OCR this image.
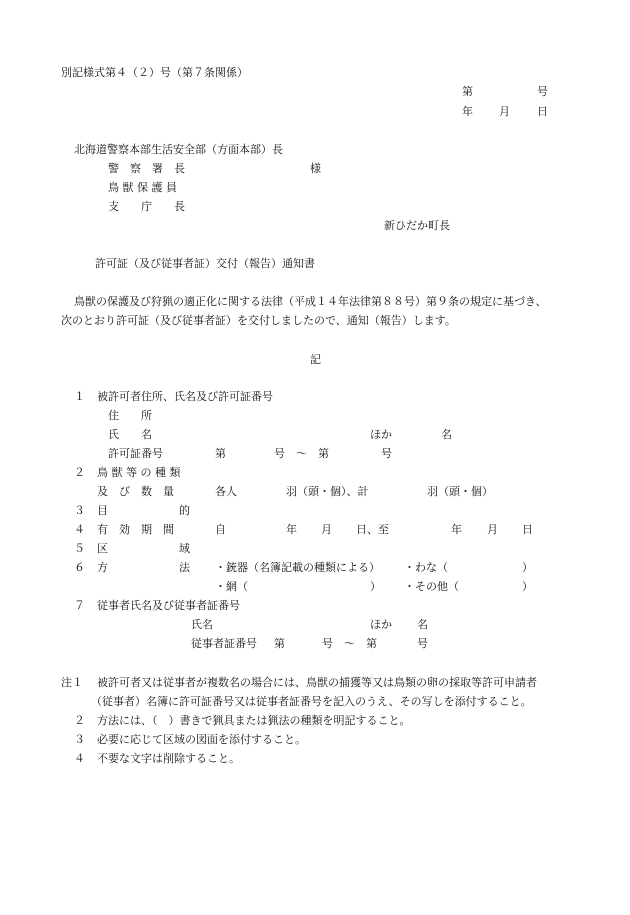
別記様式第４（２）号（第７条関係）
第	号
年 月 日
北海道警察本部生活安全部（方面本部）長
警　察　署　長	様
鳥 獣 保 護 員
支　　庁　　長
新ひだか町長
許可証（及び従事者証）交付（報告）通知書
鳥獣の保護及び狩猟の適正化に関する法律（平成１４年法律第８８号）第９条の規定に基づき、
次のとおり許可証（及び従事者証）を交付しましたので、通知（報告）します。
記
１ 被許可者住所、氏名及び許可証番号
住　　所
氏　　名	ほか	名
許可証番号	第	号　～　第	号
２ 鳥 獣 等 の 種 類
及　び　数　量	各人	羽（頭・個）、計	羽（頭・個）
３ 目	的
４ 有　効　期　間	自	年 月 日、至	年 月 日
５ 区	域
６ 方	法 ・銃器（名簿記載の種類による） ・わな（	）
・網（	） ・その他（	）
７ 従事者氏名及び従事者証番号
氏名	ほか 名
従事者証番号 第	号　～　第	号
注１ 被許可者又は従事者が複数名の場合には、鳥獣の捕獲等又は鳥類の卵の採取等許可申請者
（従事者）名簿に許可証番号又は従事者証番号を記入のうえ、その写しを添付すること。
２ 方法には、（　）書きで猟具または猟法の種類を明記すること。
３ 必要に応じて区域の図面を添付すること。
４ 不要な文字は削除すること。
